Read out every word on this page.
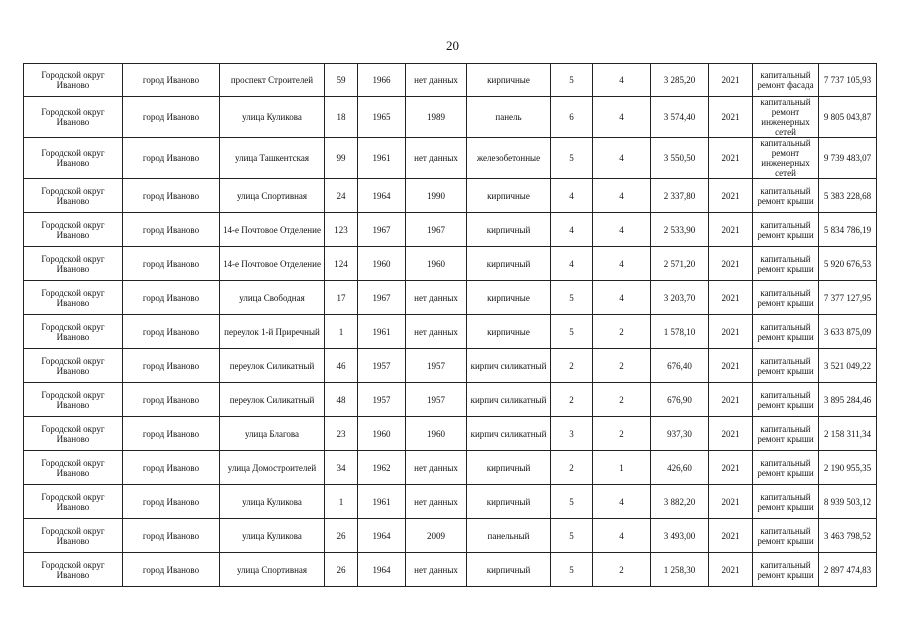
20
Городской округ Иваново	город Иваново	проспект Строителей	59	1966	нет данных	кирпичные	5	4	3 285,20	2021	капитальный ремонт фасада	7 737 105,93
Городской округ Иваново	город Иваново	улица Куликова	18	1965	1989	панель	6	4	3 574,40	2021	капитальный ремонт инженерных сетей	9 805 043,87
Городской округ Иваново	город Иваново	улица Ташкентская	99	1961	нет данных	железобетонные	5	4	3 550,50	2021	капитальный ремонт инженерных сетей	9 739 483,07
Городской округ Иваново	город Иваново	улица Спортивная	24	1964	1990	кирпичные	4	4	2 337,80	2021	капитальный ремонт крыши	5 383 228,68
Городской округ Иваново	город Иваново	14-е Почтовое Отделение	123	1967	1967	кирпичный	4	4	2 533,90	2021	капитальный ремонт крыши	5 834 786,19
Городской округ Иваново	город Иваново	14-е Почтовое Отделение	124	1960	1960	кирпичный	4	4	2 571,20	2021	капитальный ремонт крыши	5 920 676,53
Городской округ Иваново	город Иваново	улица Свободная	17	1967	нет данных	кирпичные	5	4	3 203,70	2021	капитальный ремонт крыши	7 377 127,95
Городской округ Иваново	город Иваново	переулок 1-й Приречный	1	1961	нет данных	кирпичные	5	2	1 578,10	2021	капитальный ремонт крыши	3 633 875,09
Городской округ Иваново	город Иваново	переулок Силикатный	46	1957	1957	кирпич силикатный	2	2	676,40	2021	капитальный ремонт крыши	3 521 049,22
Городской округ Иваново	город Иваново	переулок Силикатный	48	1957	1957	кирпич силикатный	2	2	676,90	2021	капитальный ремонт крыши	3 895 284,46
Городской округ Иваново	город Иваново	улица Благова	23	1960	1960	кирпич силикатный	3	2	937,30	2021	капитальный ремонт крыши	2 158 311,34
Городской округ Иваново	город Иваново	улица Домостроителей	34	1962	нет данных	кирпичный	2	1	426,60	2021	капитальный ремонт крыши	2 190 955,35
Городской округ Иваново	город Иваново	улица Куликова	1	1961	нет данных	кирпичный	5	4	3 882,20	2021	капитальный ремонт крыши	8 939 503,12
Городской округ Иваново	город Иваново	улица Куликова	26	1964	2009	панельный	5	4	3 493,00	2021	капитальный ремонт крыши	3 463 798,52
Городской округ Иваново	город Иваново	улица Спортивная	26	1964	нет данных	кирпичный	5	2	1 258,30	2021	капитальный ремонт крыши	2 897 474,83
